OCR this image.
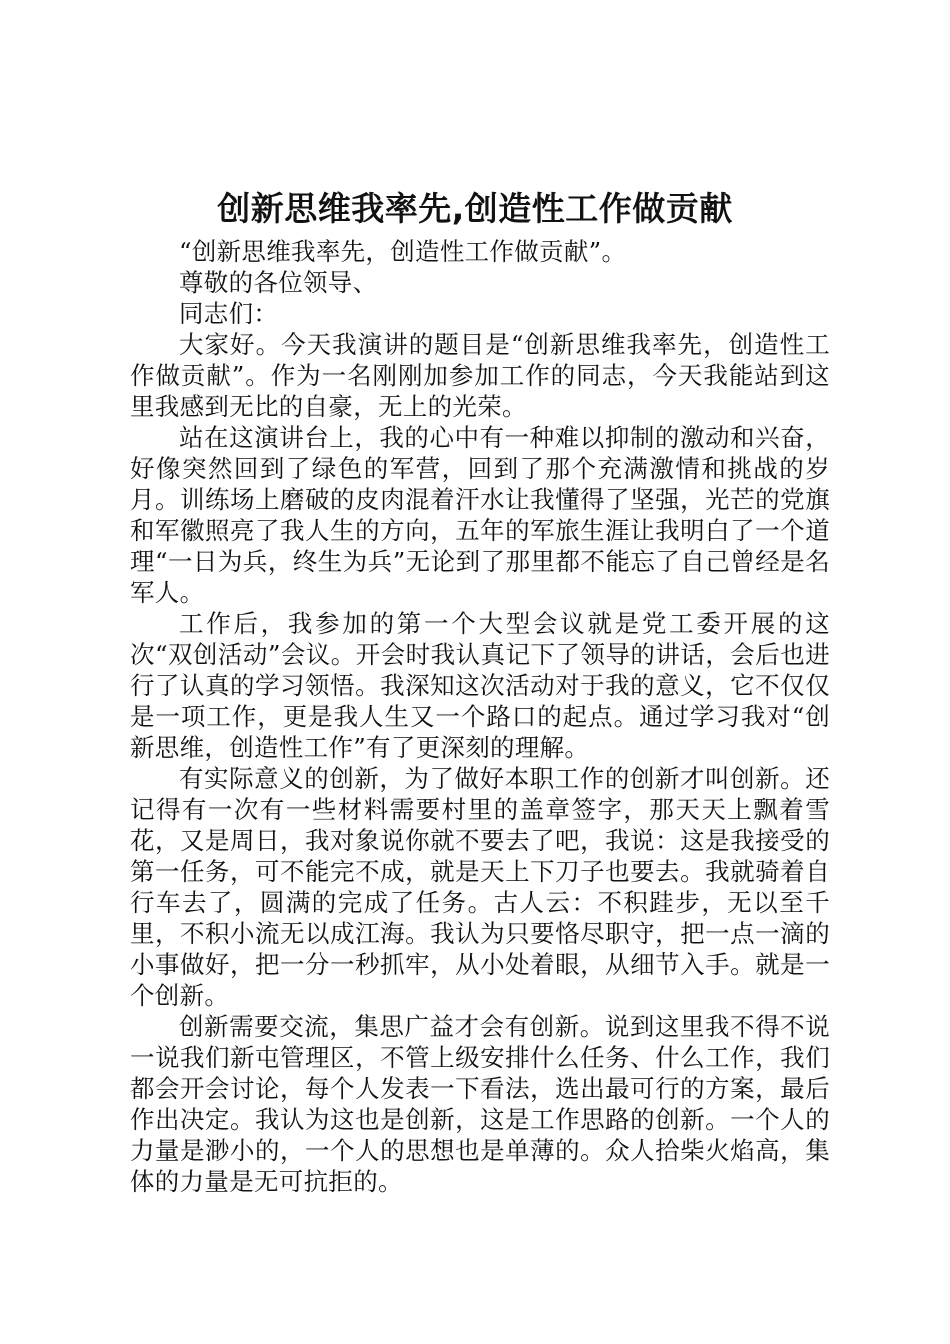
创新思维我率先,创造性工作做贡献

“创新思维我率先，创造性工作做贡献”。

尊敬的各位领导、

同志们：

大家好。今天我演讲的题目是“创新思维我率先，创造性工作做贡献”。作为一名刚刚加参加工作的同志，今天我能站到这里我感到无比的自豪，无上的光荣。

站在这演讲台上，我的心中有一种难以抑制的激动和兴奋，好像突然回到了绿色的军营，回到了那个充满激情和挑战的岁月。训练场上磨破的皮肉混着汗水让我懂得了坚强，光芒的党旗和军徽照亮了我人生的方向，五年的军旅生涯让我明白了一个道理“一日为兵，终生为兵”无论到了那里都不能忘了自己曾经是名军人。

工作后，我参加的第一个大型会议就是党工委开展的这次“双创活动”会议。开会时我认真记下了领导的讲话，会后也进行了认真的学习领悟。我深知这次活动对于我的意义，它不仅仅是一项工作，更是我人生又一个路口的起点。通过学习我对“创新思维，创造性工作”有了更深刻的理解。

有实际意义的创新，为了做好本职工作的创新才叫创新。还记得有一次有一些材料需要村里的盖章签字，那天天上飘着雪花，又是周日，我对象说你就不要去了吧，我说：这是我接受的第一任务，可不能完不成，就是天上下刀子也要去。我就骑着自行车去了，圆满的完成了任务。古人云：不积跬步，无以至千里，不积小流无以成江海。我认为只要恪尽职守，把一点一滴的小事做好，把一分一秒抓牢，从小处着眼，从细节入手。就是一个创新。

创新需要交流，集思广益才会有创新。说到这里我不得不说一说我们新屯管理区，不管上级安排什么任务、什么工作，我们都会开会讨论，每个人发表一下看法，选出最可行的方案，最后作出决定。我认为这也是创新，这是工作思路的创新。一个人的力量是渺小的，一个人的思想也是单薄的。众人拾柴火焰高，集体的力量是无可抗拒的。
